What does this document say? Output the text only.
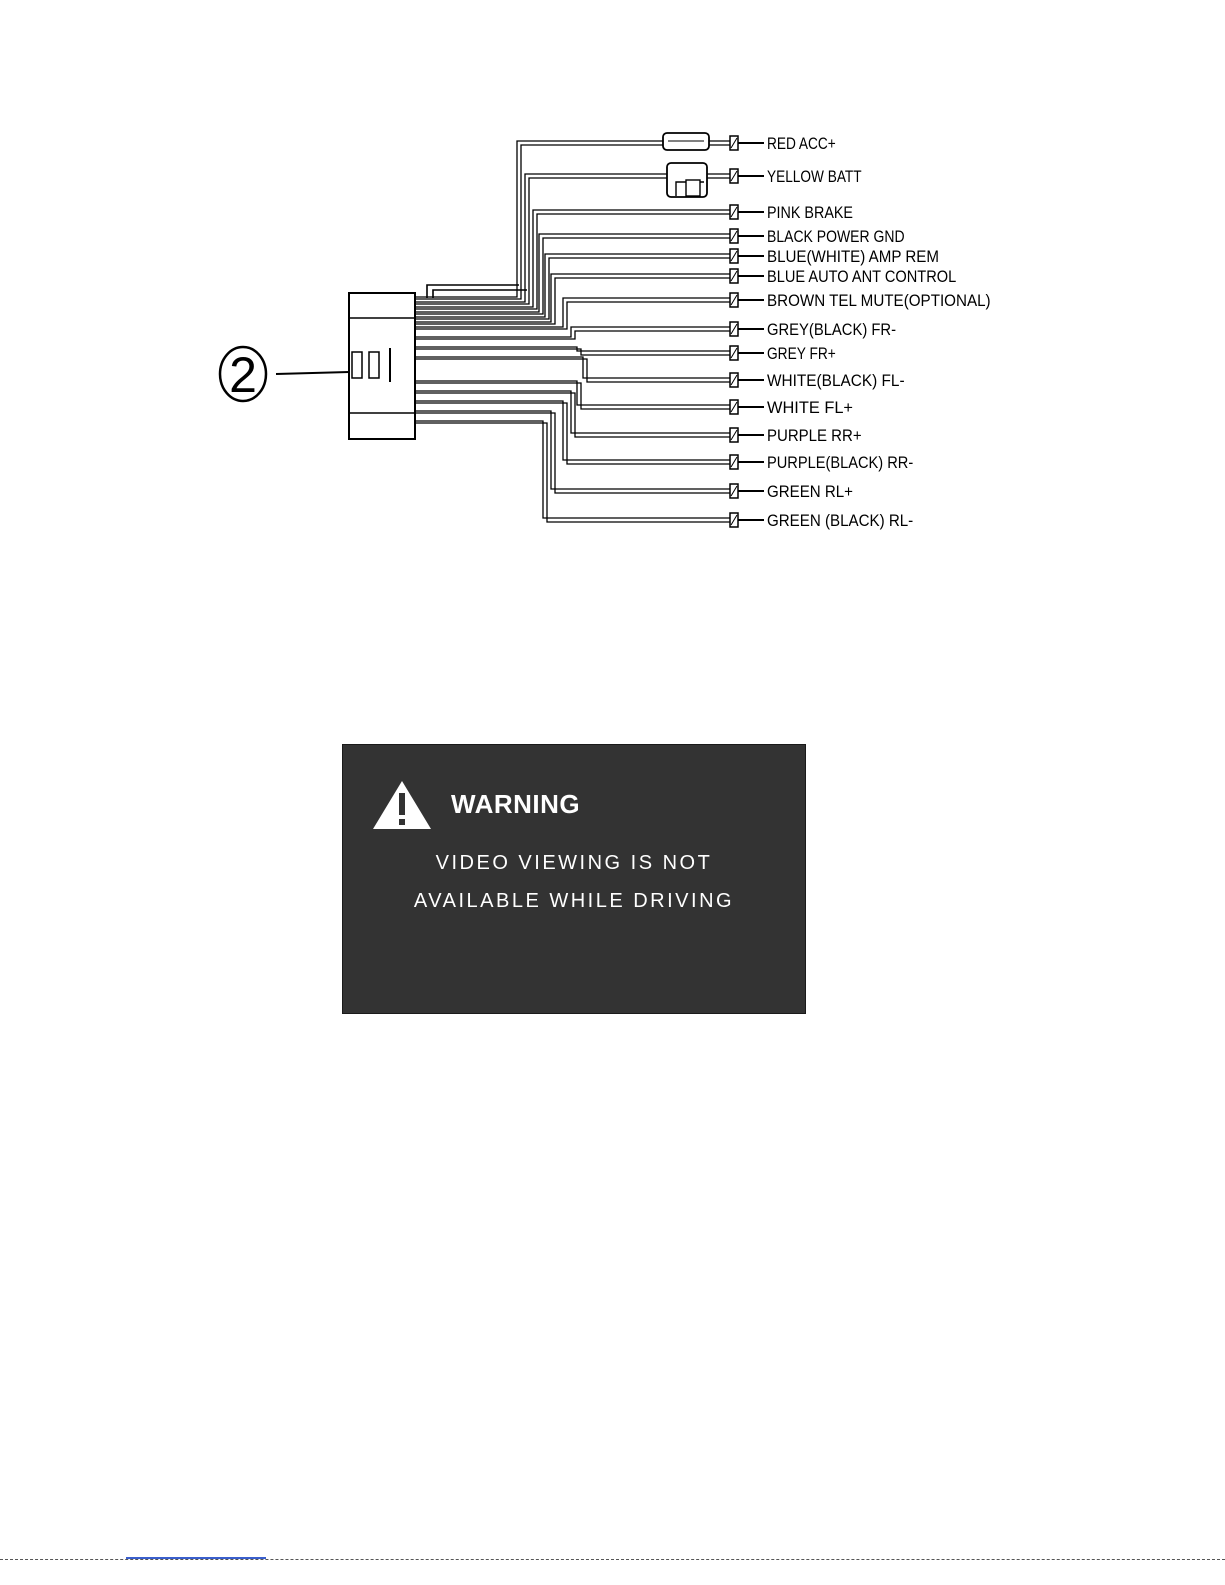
2
RED ACC+
YELLOW BATT
PINK BRAKE
BLACK POWER GND
BLUE(WHITE) AMP REM
BLUE AUTO ANT CONTROL
BROWN TEL MUTE(OPTIONAL)
GREY(BLACK) FR-
GREY FR+
WHITE(BLACK) FL-
WHITE FL+
PURPLE RR+
PURPLE(BLACK) RR-
GREEN RL+
GREEN (BLACK) RL-
WARNING
VIDEO VIEWING IS NOT
AVAILABLE WHILE DRIVING
